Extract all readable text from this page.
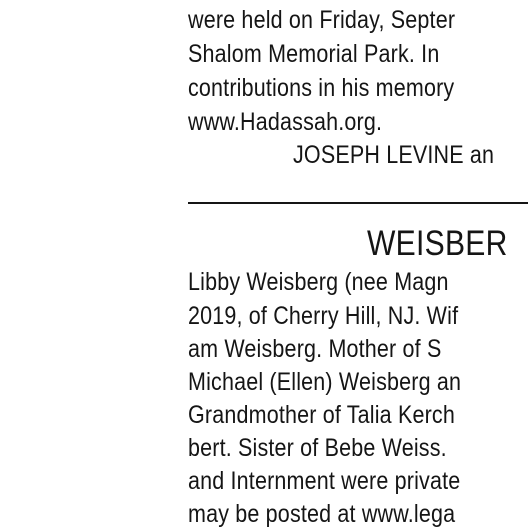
were held on Friday, Septer
Shalom Memorial Park. In
contributions in his memory
www.Hadassah.org.
JOSEPH LEVINE an
WEISBER
Libby Weisberg (nee Magn
2019, of Cherry Hill, NJ. Wif
am Weisberg. Mother of S
Michael (Ellen) Weisberg an
Grandmother of Talia Kerch
bert. Sister of Bebe Weiss.
and Internment were private
may be posted at www.lega
